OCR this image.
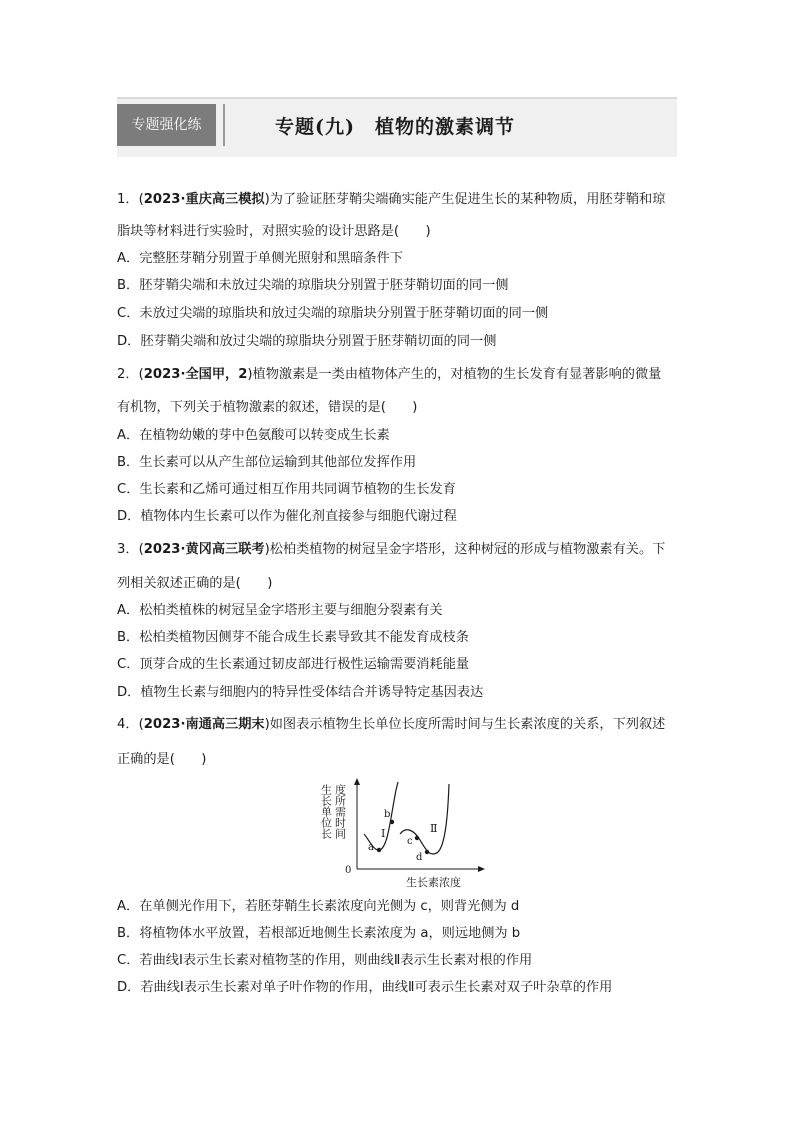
专题强化练	专题(九)　植物的激素调节
1．(2023·重庆高三模拟)为了验证胚芽鞘尖端确实能产生促进生长的某种物质，用胚芽鞘和琼
脂块等材料进行实验时，对照实验的设计思路是(　　)
A．完整胚芽鞘分别置于单侧光照射和黑暗条件下
B．胚芽鞘尖端和未放过尖端的琼脂块分别置于胚芽鞘切面的同一侧
C．未放过尖端的琼脂块和放过尖端的琼脂块分别置于胚芽鞘切面的同一侧
D．胚芽鞘尖端和放过尖端的琼脂块分别置于胚芽鞘切面的同一侧
2．(2023·全国甲，2)植物激素是一类由植物体产生的，对植物的生长发育有显著影响的微量
有机物，下列关于植物激素的叙述，错误的是(　　)
A．在植物幼嫩的芽中色氨酸可以转变成生长素
B．生长素可以从产生部位运输到其他部位发挥作用
C．生长素和乙烯可通过相互作用共同调节植物的生长发育
D．植物体内生长素可以作为催化剂直接参与细胞代谢过程
3．(2023·黄冈高三联考)松柏类植物的树冠呈金字塔形，这种树冠的形成与植物激素有关。下
列相关叙述正确的是(　　)
A．松柏类植株的树冠呈金字塔形主要与细胞分裂素有关
B．松柏类植物因侧芽不能合成生长素导致其不能发育成枝条
C．顶芽合成的生长素通过韧皮部进行极性运输需要消耗能量
D．植物生长素与细胞内的特异性受体结合并诱导特定基因表达
4．(2023·南通高三期末)如图表示植物生长单位长度所需时间与生长素浓度的关系，下列叙述
正确的是(　　)
生长单位长 度所需时间
生长素浓度
0
a
b
Ⅰ
c
d
Ⅱ
A．在单侧光作用下，若胚芽鞘生长素浓度向光侧为 c，则背光侧为 d
B．将植物体水平放置，若根部近地侧生长素浓度为 a，则远地侧为 b
C．若曲线Ⅰ表示生长素对植物茎的作用，则曲线Ⅱ表示生长素对根的作用
D．若曲线Ⅰ表示生长素对单子叶作物的作用，曲线Ⅱ可表示生长素对双子叶杂草的作用
